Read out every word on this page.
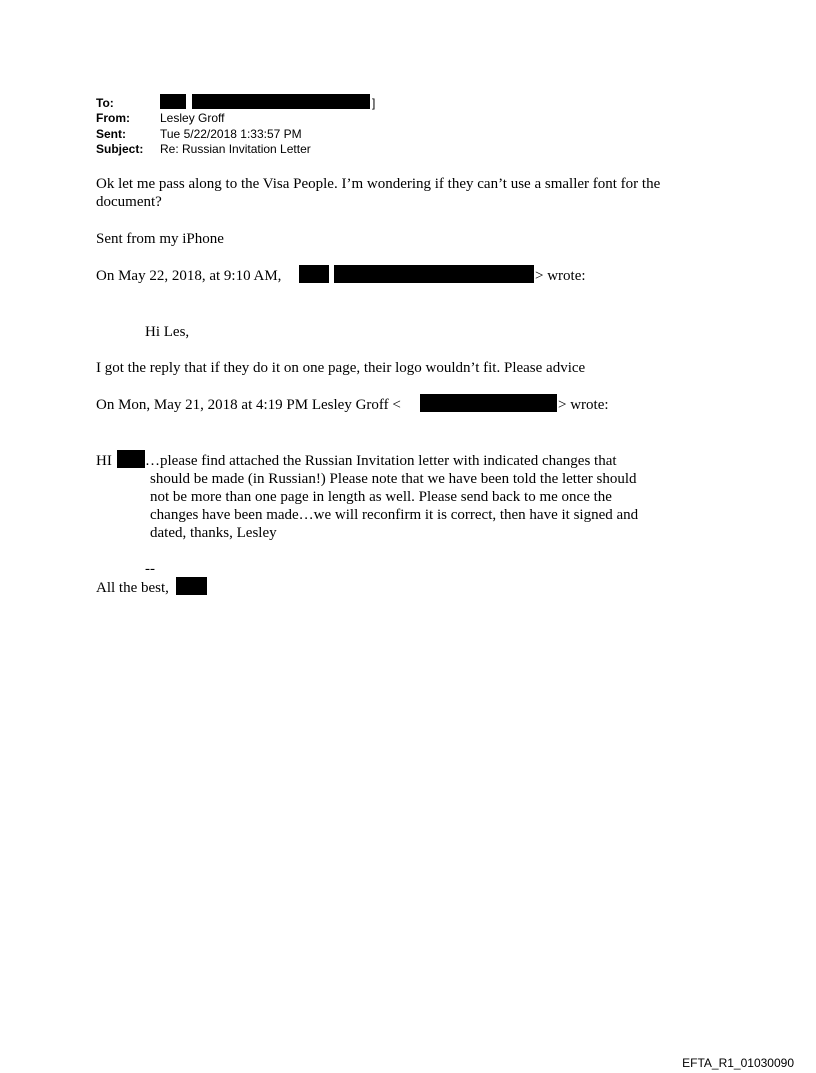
To:	]
From:	Lesley Groff
Sent:	Tue 5/22/2018 1:33:57 PM
Subject: Re: Russian Invitation Letter
Ok let me pass along to the Visa People. I’m wondering if they can’t use a smaller font for the
document?
Sent from my iPhone
On May 22, 2018, at 9:10 AM,	> wrote:
Hi Les,
I got the reply that if they do it on one page, their logo wouldn’t fit. Please advice
On Mon, May 21, 2018 at 4:19 PM Lesley Groff <	> wrote:
HI …please find attached the Russian Invitation letter with indicated changes that
should be made (in Russian!) Please note that we have been told the letter should
not be more than one page in length as well. Please send back to me once the
changes have been made…we will reconfirm it is correct, then have it signed and
dated, thanks, Lesley
--
All the best,
EFTA_R1_01030090
